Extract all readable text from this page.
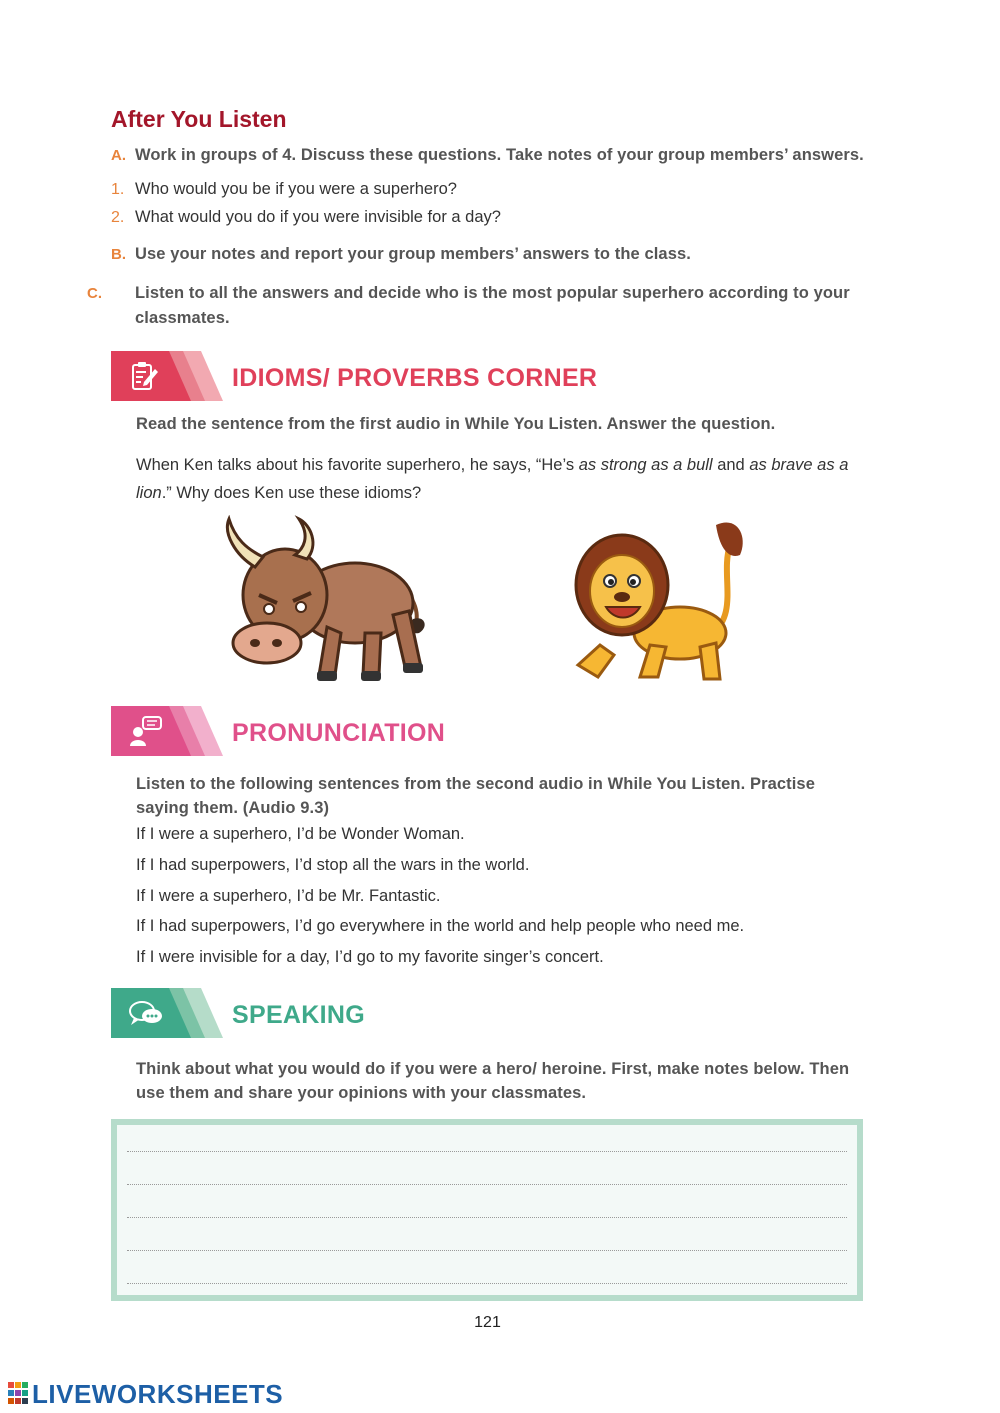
After You Listen
A. Work in groups of 4. Discuss these questions. Take notes of your group members’ answers.
1. Who would you be if you were a superhero?
2. What would you do if you were invisible for a day?
B. Use your notes and report your group members’ answers to the class.
C. Listen to all the answers and decide who is the most popular superhero according to your classmates.
IDIOMS/ PROVERBS CORNER
Read the sentence from the first audio in While You Listen. Answer the question.
When Ken talks about his favorite superhero, he says, “He’s as strong as a bull and as brave as a lion.” Why does Ken use these idioms?
PRONUNCIATION
Listen to the following sentences from the second audio in While You Listen. Practise saying them. (Audio 9.3)
If I were a superhero, I’d be Wonder Woman.
If I had superpowers, I’d stop all the wars in the world.
If I were a superhero, I’d be Mr. Fantastic.
If I had superpowers, I’d go everywhere in the world and help people who need me.
If I were invisible for a day, I’d go to my favorite singer’s concert.
SPEAKING
Think about what you would do if you were a hero/ heroine. First, make notes below. Then use them and share your opinions with your classmates.
121
LIVEWORKSHEETS
